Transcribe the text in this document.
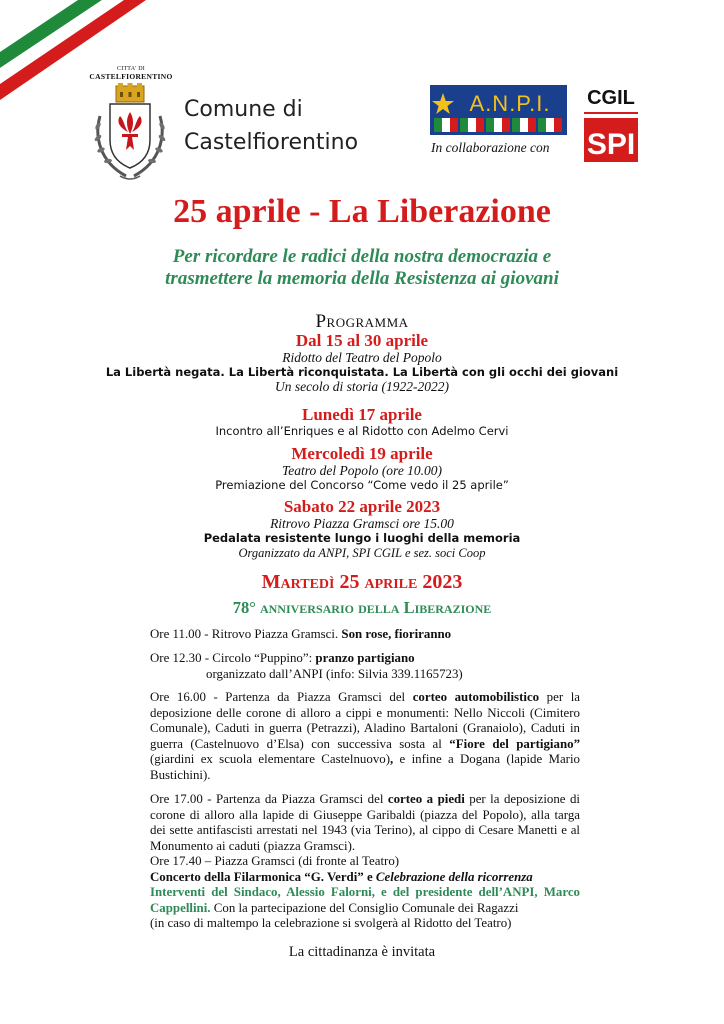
CITTA' DI
CASTELFIORENTINO
Comune di
Castelfiorentino
A.N.P.I.
In collaborazione con
CGIL
SPI
25 aprile - La Liberazione
Per ricordare le radici della nostra democrazia e
trasmettere la memoria della Resistenza ai giovani
Programma
Dal 15 al 30 aprile
Ridotto del Teatro del Popolo
La Libertà negata. La Libertà riconquistata. La Libertà con gli occhi dei giovani
Un secolo di storia (1922-2022)
Lunedì 17 aprile
Incontro all’Enriques e al Ridotto con Adelmo Cervi
Mercoledì 19 aprile
Teatro del Popolo (ore 10.00)
Premiazione del Concorso “Come vedo il 25 aprile”
Sabato 22 aprile 2023
Ritrovo Piazza Gramsci ore 15.00
Pedalata resistente lungo i luoghi della memoria
Organizzato da ANPI, SPI CGIL e sez. soci Coop
Martedì 25 aprile 2023
78° anniversario della Liberazione
Ore 11.00 - Ritrovo Piazza Gramsci. Son rose, fioriranno
Ore 12.30 - Circolo “Puppino”: pranzo partigiano
organizzato dall’ANPI (info: Silvia 339.1165723)
Ore 16.00 - Partenza da Piazza Gramsci del corteo automobilistico per la deposizione delle corone di alloro a cippi e monumenti: Nello Niccoli (Cimitero Comunale), Caduti in guerra (Petrazzi), Aladino Bartaloni (Granaiolo), Caduti in guerra (Castelnuovo d’Elsa) con successiva sosta al “Fiore del partigiano” (giardini ex scuola elementare Castelnuovo), e infine a Dogana (lapide Mario Bustichini).
Ore 17.00 - Partenza da Piazza Gramsci del corteo a piedi per la deposizione di corone di alloro alla lapide di Giuseppe Garibaldi (piazza del Popolo), alla targa dei sette antifascisti arrestati nel 1943 (via Terino), al cippo di Cesare Manetti e al Monumento ai caduti (piazza Gramsci).
Ore 17.40 – Piazza Gramsci (di fronte al Teatro)
Concerto della Filarmonica “G. Verdi” e Celebrazione della ricorrenza
Interventi del Sindaco, Alessio Falorni, e del presidente dell’ANPI, Marco Cappellini. Con la partecipazione del Consiglio Comunale dei Ragazzi
(in caso di maltempo la celebrazione si svolgerà al Ridotto del Teatro)
La cittadinanza è invitata
